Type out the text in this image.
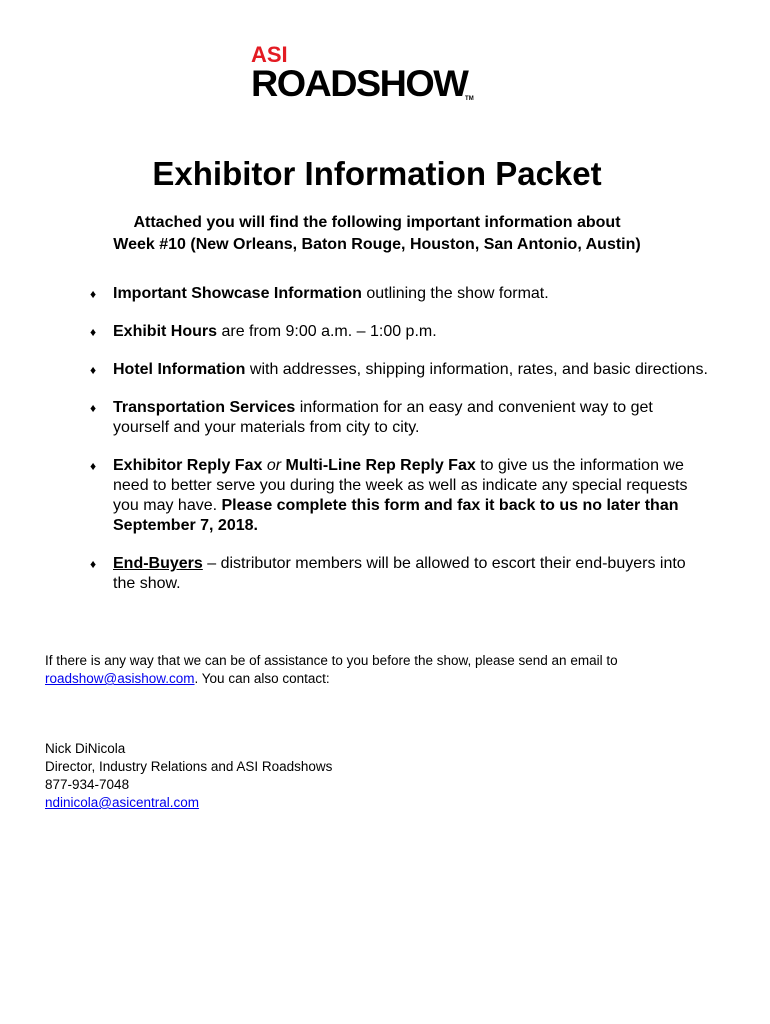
ASI
ROADSHOWTM
Exhibitor Information Packet
Attached you will find the following important information about
Week #10 (New Orleans, Baton Rouge, Houston, San Antonio, Austin)
♦ Important Showcase Information outlining the show format.
♦ Exhibit Hours are from 9:00 a.m. – 1:00 p.m.
♦ Hotel Information with addresses, shipping information, rates, and basic directions.
♦ Transportation Services information for an easy and convenient way to get yourself and your materials from city to city.
♦ Exhibitor Reply Fax or Multi-Line Rep Reply Fax to give us the information we need to better serve you during the week as well as indicate any special requests you may have. Please complete this form and fax it back to us no later than September 7, 2018.
♦ End-Buyers – distributor members will be allowed to escort their end-buyers into the show.
If there is any way that we can be of assistance to you before the show, please send an email to
roadshow@asishow.com. You can also contact:
Nick DiNicola
Director, Industry Relations and ASI Roadshows
877-934-7048
ndinicola@asicentral.com
